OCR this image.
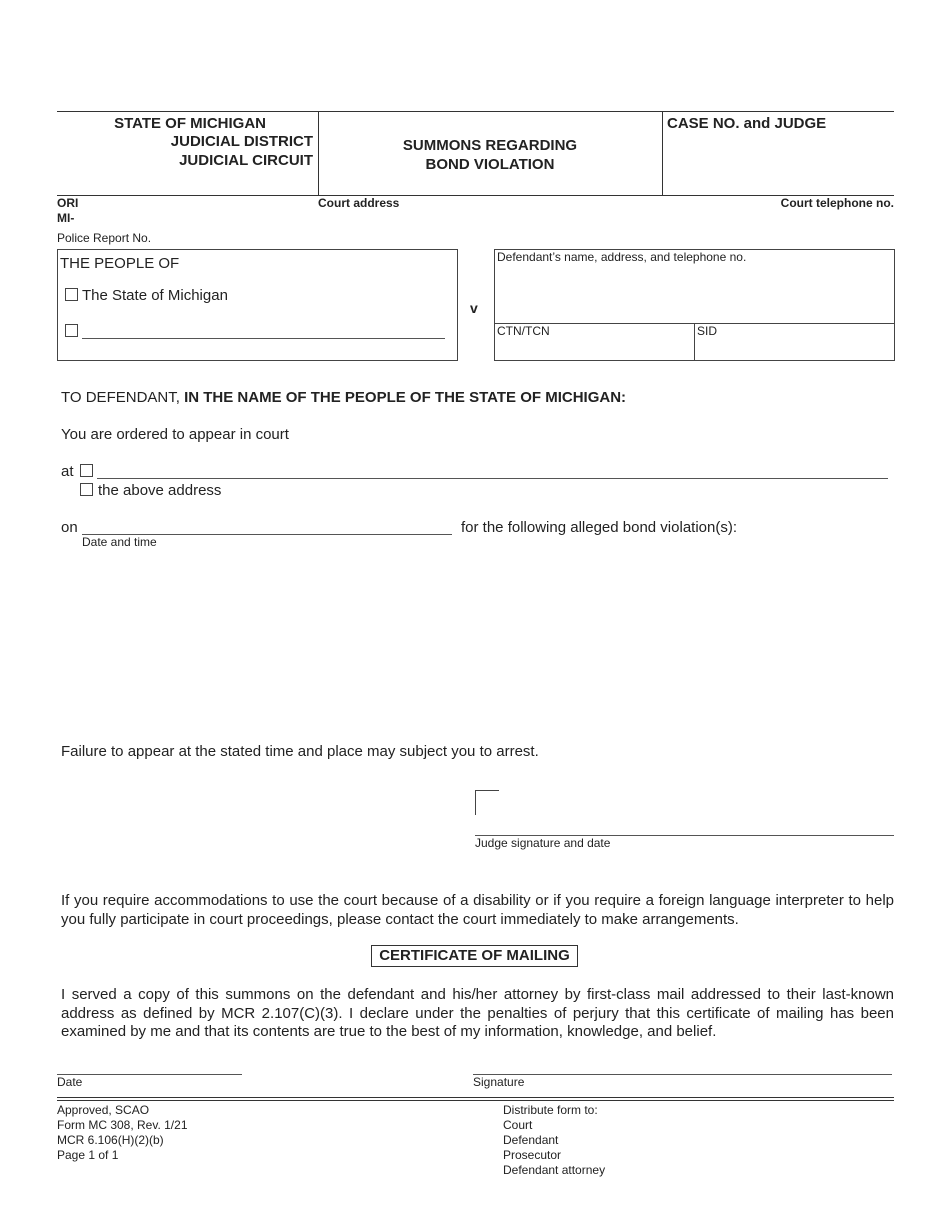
STATE OF MICHIGAN
JUDICIAL DISTRICT
JUDICIAL CIRCUIT
SUMMONS REGARDING
BOND VIOLATION
CASE NO. and JUDGE
ORI
MI-
Court address	Court telephone no.
Police Report No.
THE PEOPLE OF
The State of Michigan
v
Defendant’s name, address, and telephone no.
CTN/TCN	SID
TO DEFENDANT, IN THE NAME OF THE PEOPLE OF THE STATE OF MICHIGAN:
You are ordered to appear in court
at
the above address
on
Date and time
for the following alleged bond violation(s):
Failure to appear at the stated time and place may subject you to arrest.
Judge signature and date
If you require accommodations to use the court because of a disability or if you require a foreign language interpreter to help you fully participate in court proceedings, please contact the court immediately to make arrangements.
CERTIFICATE OF MAILING
I served a copy of this summons on the defendant and his/her attorney by first-class mail addressed to their last-known address as defined by MCR 2.107(C)(3). I declare under the penalties of perjury that this certificate of mailing has been examined by me and that its contents are true to the best of my information, knowledge, and belief.
Date	Signature
Approved, SCAO
Form MC 308, Rev. 1/21
MCR 6.106(H)(2)(b)
Page 1 of 1
Distribute form to:
Court
Defendant
Prosecutor
Defendant attorney
